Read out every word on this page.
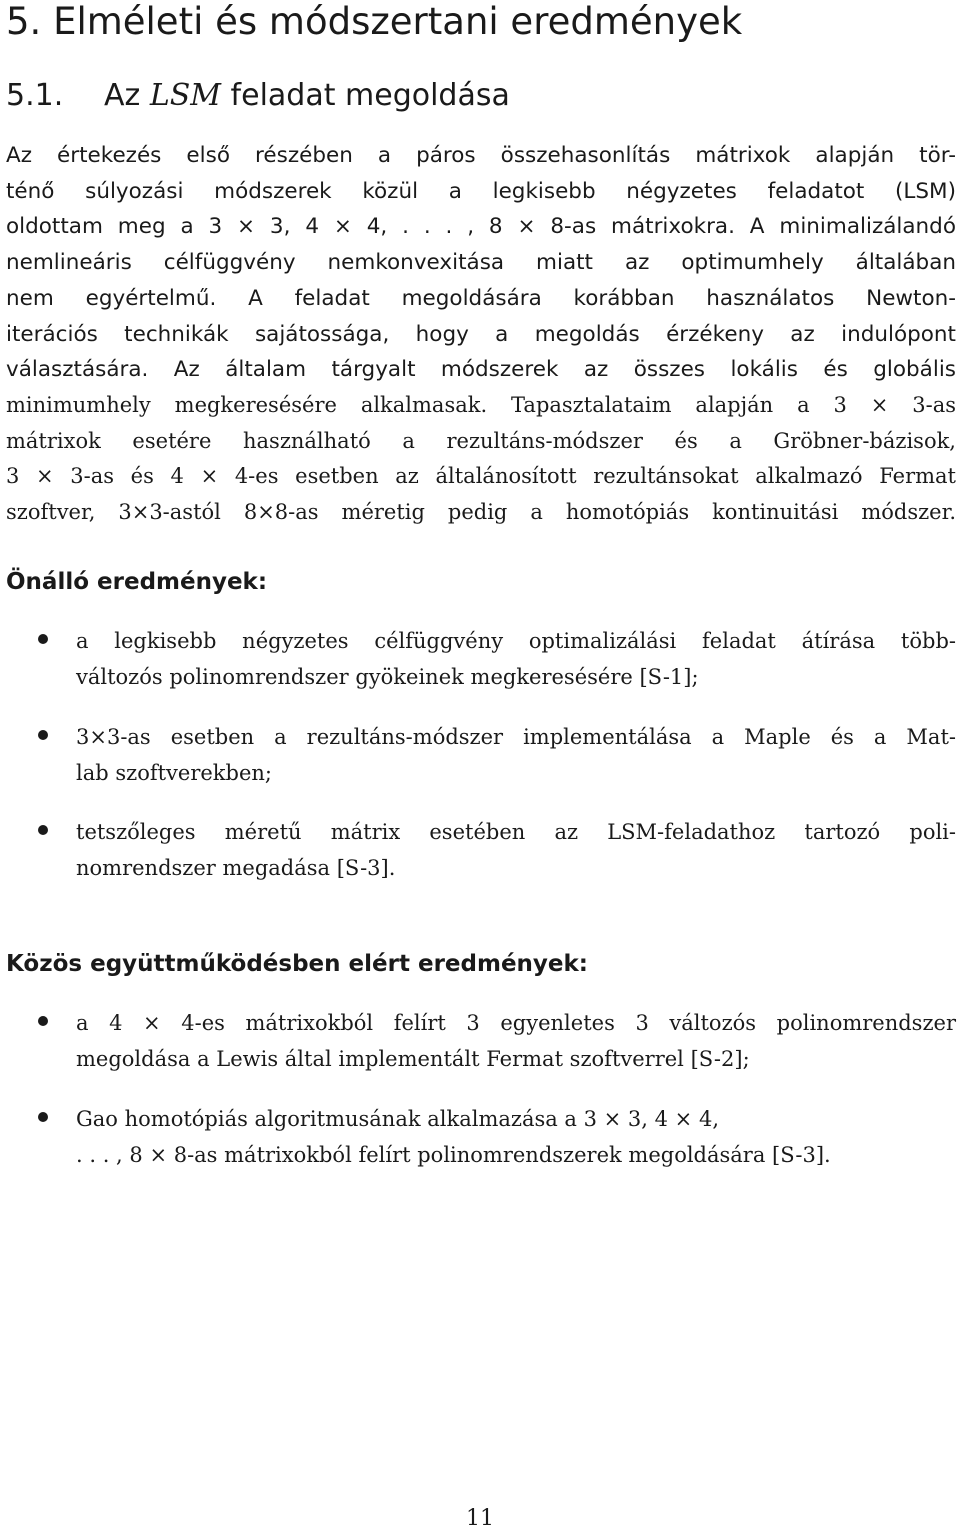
5. Elméleti és módszertani eredmények
5.1. Az LSM feladat megoldása

Az értekezés első részében a páros összehasonlítás mátrixok alapján tör-
ténő súlyozási módszerek közül a legkisebb négyzetes feladatot (LSM)
oldottam meg a 3 × 3, 4 × 4, . . . , 8 × 8-as mátrixokra. A minimalizálandó
nemlineáris célfüggvény nemkonvexitása miatt az optimumhely általában
nem egyértelmű. A feladat megoldására korábban használatos Newton-
iterációs technikák sajátossága, hogy a megoldás érzékeny az indulópont
választására. Az általam tárgyalt módszerek az összes lokális és globális
minimumhely megkeresésére alkalmasak. Tapasztalataim alapján a 3 × 3-as
mátrixok esetére használható a rezultáns-módszer és a Gröbner-bázisok,
3 × 3-as és 4 × 4-es esetben az általánosított rezultánsokat alkalmazó Fermat
szoftver, 3×3-astól 8×8-as méretig pedig a homotópiás kontinuitási módszer.

Önálló eredmények:
a legkisebb négyzetes célfüggvény optimalizálási feladat átírása több-
változós polinomrendszer gyökeinek megkeresésére [S-1];
3×3-as esetben a rezultáns-módszer implementálása a Maple és a Mat-
lab szoftverekben;
tetszőleges méretű mátrix esetében az LSM-feladathoz tartozó poli-
nomrendszer megadása [S-3].
Közös együttműködésben elért eredmények:
a 4 × 4-es mátrixokból felírt 3 egyenletes 3 változós polinomrendszer
megoldása a Lewis által implementált Fermat szoftverrel [S-2];
Gao homotópiás algoritmusának alkalmazása a 3 × 3, 4 × 4,
. . . , 8 × 8-as mátrixokból felírt polinomrendszerek megoldására [S-3].
11
